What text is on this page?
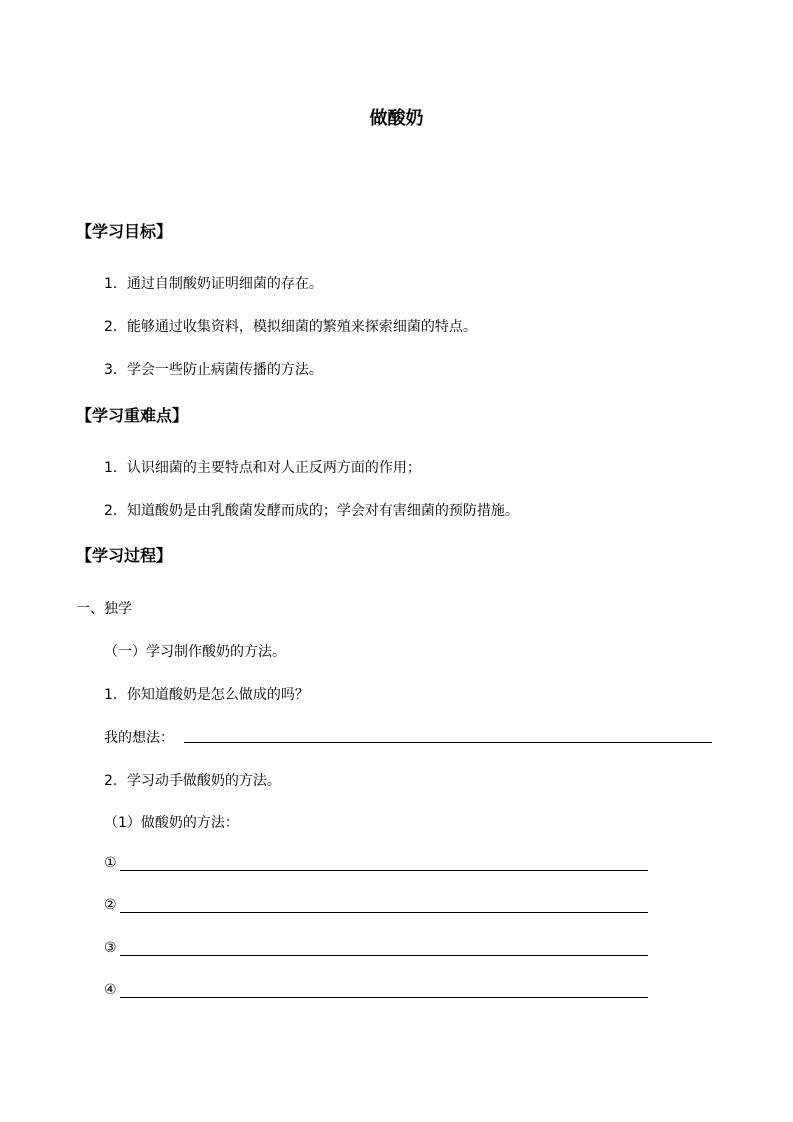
做酸奶
【学习目标】
1．通过自制酸奶证明细菌的存在。
2．能够通过收集资料，模拟细菌的繁殖来探索细菌的特点。
3．学会一些防止病菌传播的方法。
【学习重难点】
1．认识细菌的主要特点和对人正反两方面的作用；
2．知道酸奶是由乳酸菌发酵而成的；学会对有害细菌的预防措施。
【学习过程】
一、独学
（一）学习制作酸奶的方法。
1．你知道酸奶是怎么做成的吗？
我的想法：
2．学习动手做酸奶的方法。
（1）做酸奶的方法：
①
②
③
④
